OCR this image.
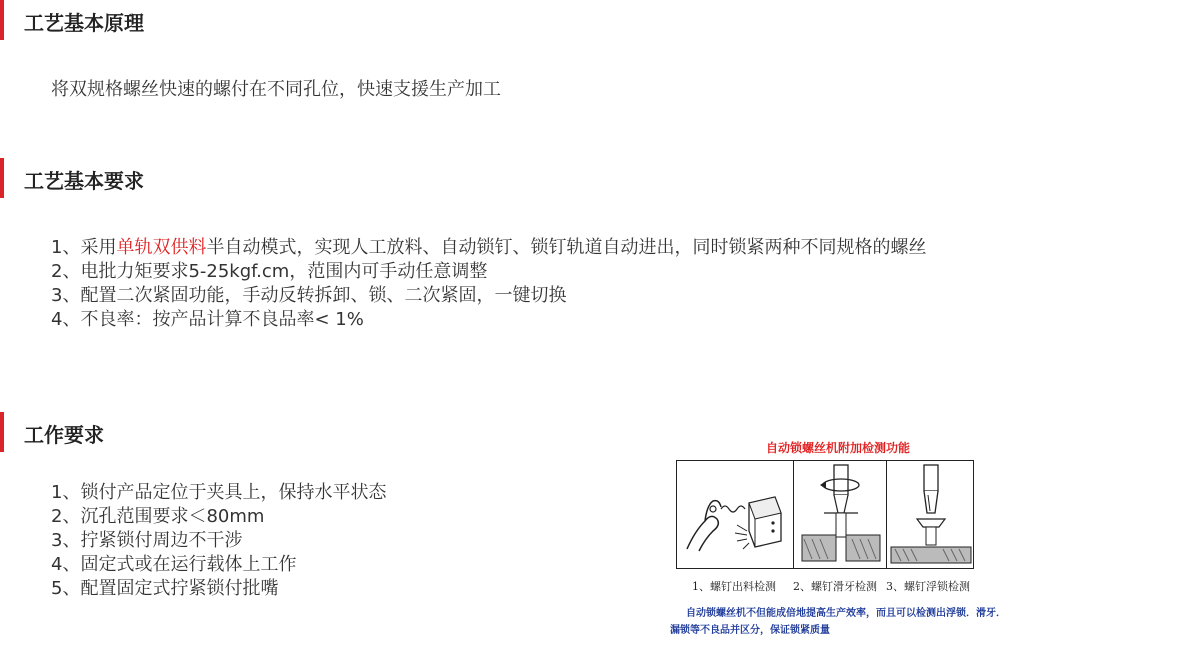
工艺基本原理
将双规格螺丝快速的螺付在不同孔位，快速支援生产加工
工艺基本要求
1、采用单轨双供料半自动模式，实现人工放料、自动锁钉、锁钉轨道自动进出，同时锁紧两种不同规格的螺丝
2、电批力矩要求5-25kgf.cm，范围内可手动任意调整
3、配置二次紧固功能，手动反转拆卸、锁、二次紧固，一键切换
4、不良率：按产品计算不良品率< 1%
工作要求
1、锁付产品定位于夹具上，保持水平状态
2、沉孔范围要求＜80mm
3、拧紧锁付周边不干涉
4、固定式或在运行载体上工作
5、配置固定式拧紧锁付批嘴
自动锁螺丝机附加检测功能
1、螺钉出料检测 2、螺钉滑牙检测 3、螺钉浮锁检测
自动锁螺丝机不但能成倍地提高生产效率，而且可以检测出浮锁．滑牙．
漏锁等不良品并区分，保证锁紧质量
